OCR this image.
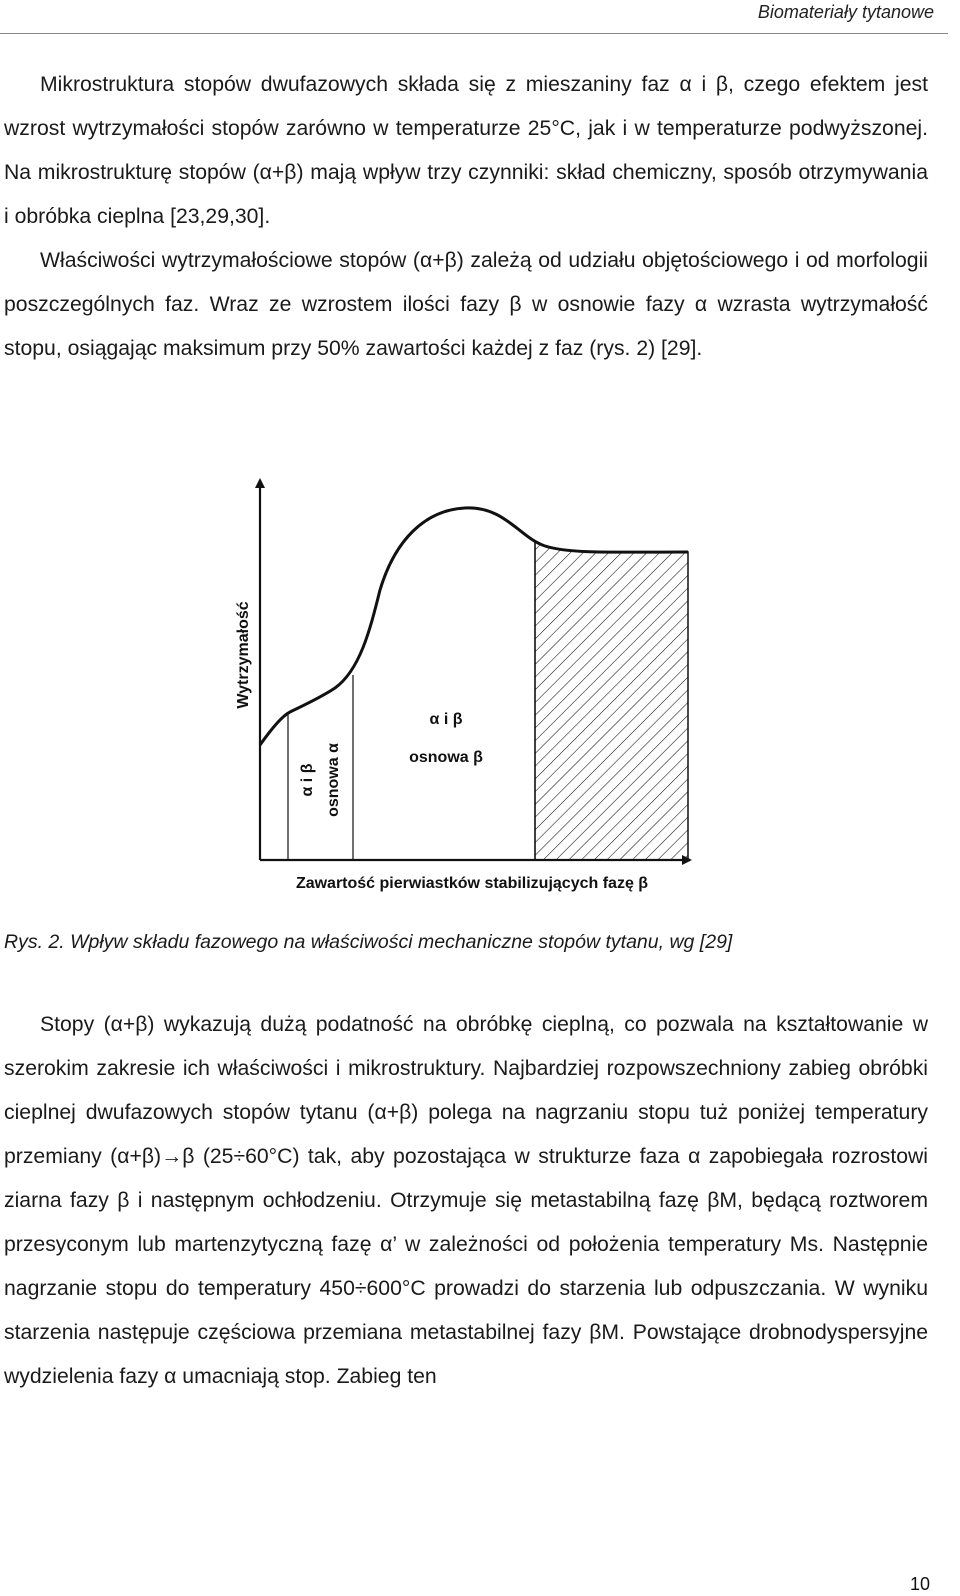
Biomateriały tytanowe
Mikrostruktura stopów dwufazowych składa się z mieszaniny faz α i β, czego efektem jest wzrost wytrzymałości stopów zarówno w temperaturze 25°C, jak i w temperaturze podwyższonej. Na mikrostrukturę stopów (α+β) mają wpływ trzy czynniki: skład chemiczny, sposób otrzymywania i obróbka cieplna [23,29,30].
Właściwości wytrzymałościowe stopów (α+β) zależą od udziału objętościowego i od morfologii poszczególnych faz. Wraz ze wzrostem ilości fazy β w osnowie fazy α wzrasta wytrzymałość stopu, osiągając maksimum przy 50% zawartości każdej z faz (rys. 2) [29].
Wytrzymałość
Zawartość pierwiastków stabilizujących fazę β
α i β osnowa α
α i β
osnowa β

Rys. 2. Wpływ składu fazowego na właściwości mechaniczne stopów tytanu, wg [29]

Stopy (α+β) wykazują dużą podatność na obróbkę cieplną, co pozwala na kształtowanie w szerokim zakresie ich właściwości i mikrostruktury. Najbardziej rozpowszechniony zabieg obróbki cieplnej dwufazowych stopów tytanu (α+β) polega na nagrzaniu stopu tuż poniżej temperatury przemiany (α+β)→β (25÷60°C) tak, aby pozostająca w strukturze faza α zapobiegała rozrostowi ziarna fazy β i następnym ochłodzeniu. Otrzymuje się metastabilną fazę βM, będącą roztworem przesyconym lub martenzytyczną fazę α’ w zależności od położenia temperatury Ms. Następnie nagrzanie stopu do temperatury 450÷600°C prowadzi do starzenia lub odpuszczania. W wyniku starzenia następuje częściowa przemiana metastabilnej fazy βM. Powstające drobnodyspersyjne wydzielenia fazy α umacniają stop. Zabieg ten
10
